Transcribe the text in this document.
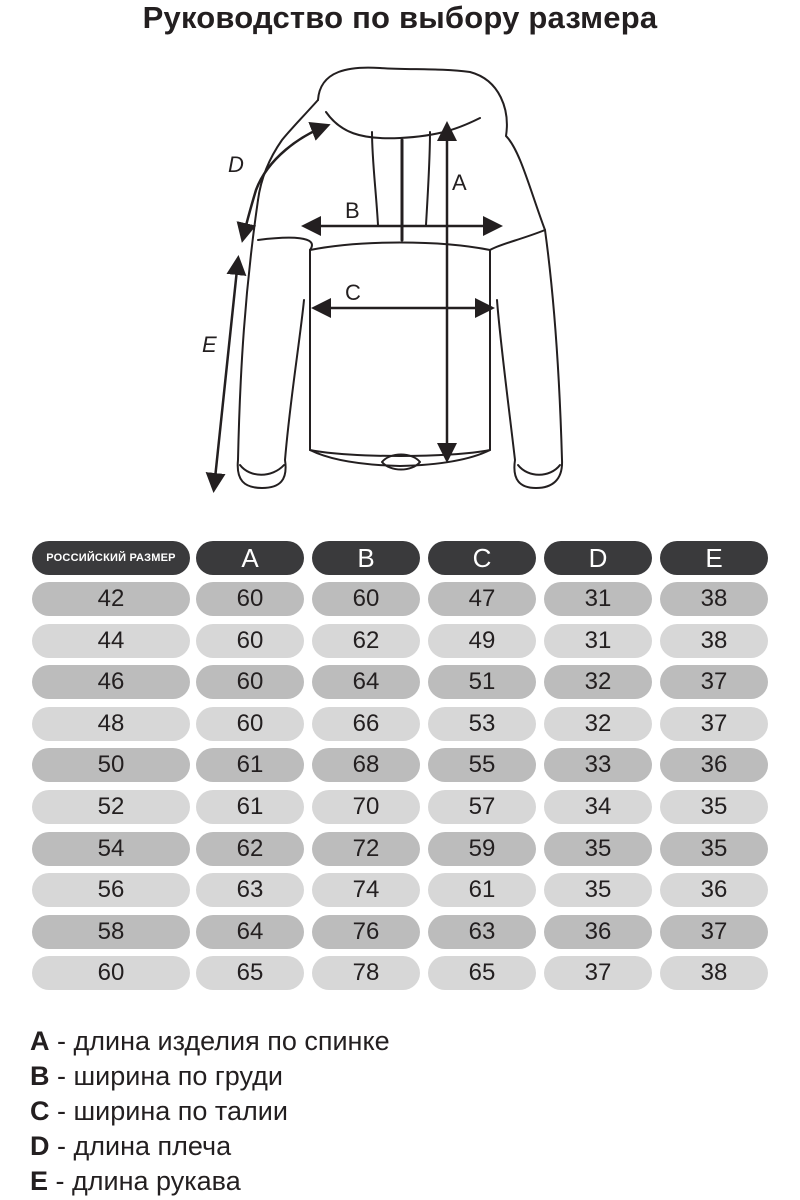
Руководство по выбору размера
A
B
C
D
E
РОССИЙСКИЙ РАЗМЕР	A	B	C	D	E
42	60	60	47	31	38
44	60	62	49	31	38
46	60	64	51	32	37
48	60	66	53	32	37
50	61	68	55	33	36
52	61	70	57	34	35
54	62	72	59	35	35
56	63	74	61	35	36
58	64	76	63	36	37
60	65	78	65	37	38
A - длина изделия по спинке
B - ширина по груди
C - ширина по талии
D - длина плеча
E - длина рукава
